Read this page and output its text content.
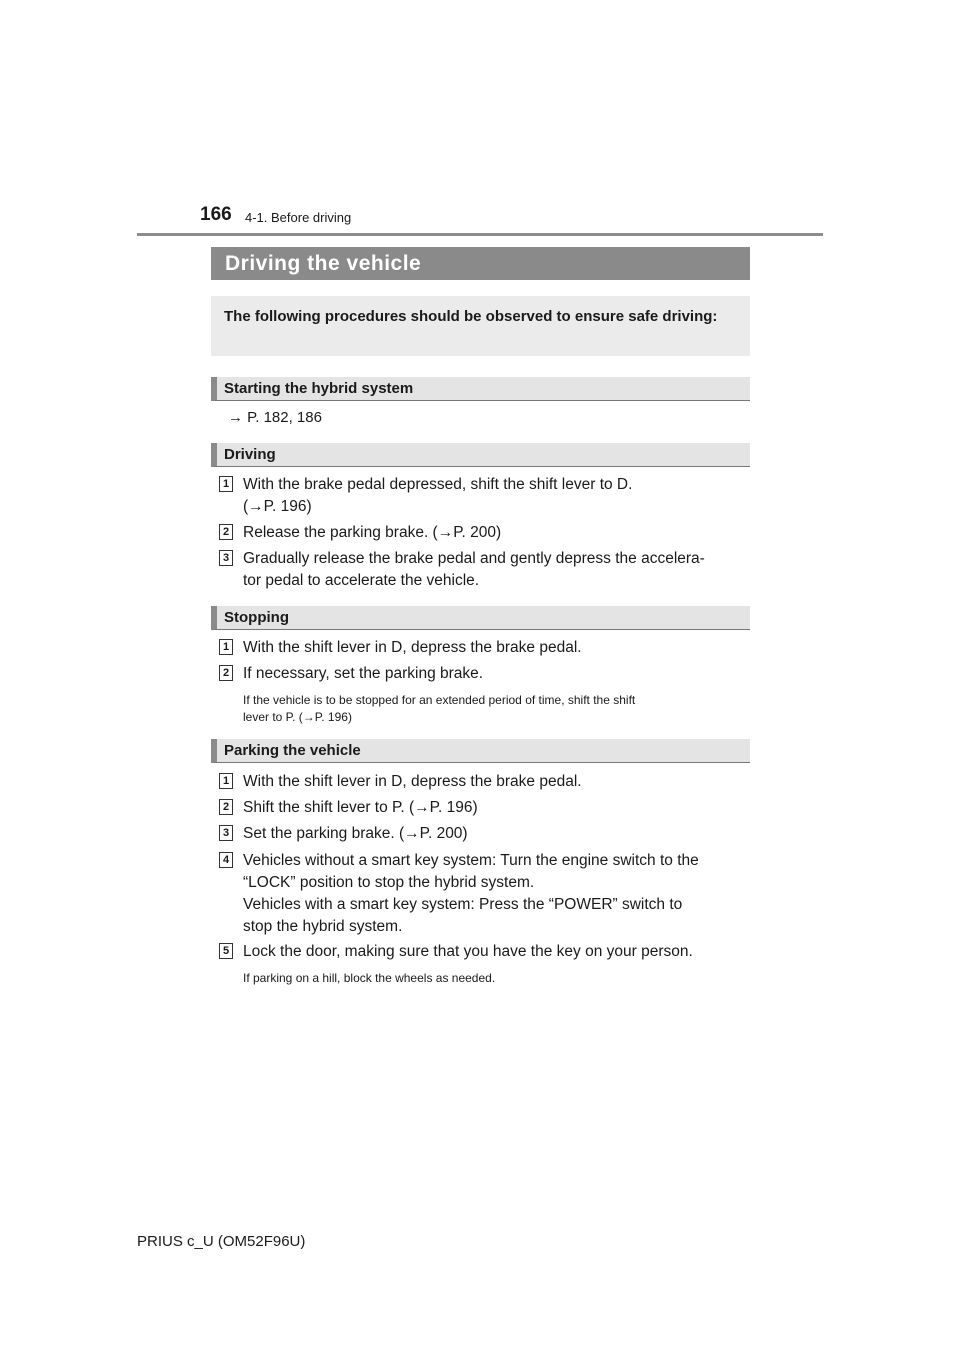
166 4-1. Before driving
Driving the vehicle
The following procedures should be observed to ensure safe driving:
Starting the hybrid system
→ P. 182, 186
Driving
1 With the brake pedal depressed, shift the shift lever to D.
(→P. 196)
2 Release the parking brake. (→P. 200)
3 Gradually release the brake pedal and gently depress the accelera-
tor pedal to accelerate the vehicle.
Stopping
1 With the shift lever in D, depress the brake pedal.
2 If necessary, set the parking brake.
If the vehicle is to be stopped for an extended period of time, shift the shift
lever to P. (→P. 196)
Parking the vehicle
1 With the shift lever in D, depress the brake pedal.
2 Shift the shift lever to P. (→P. 196)
3 Set the parking brake. (→P. 200)
4 Vehicles without a smart key system: Turn the engine switch to the
“LOCK” position to stop the hybrid system.
Vehicles with a smart key system: Press the “POWER” switch to
stop the hybrid system.
5 Lock the door, making sure that you have the key on your person.
If parking on a hill, block the wheels as needed.
PRIUS c_U (OM52F96U)
